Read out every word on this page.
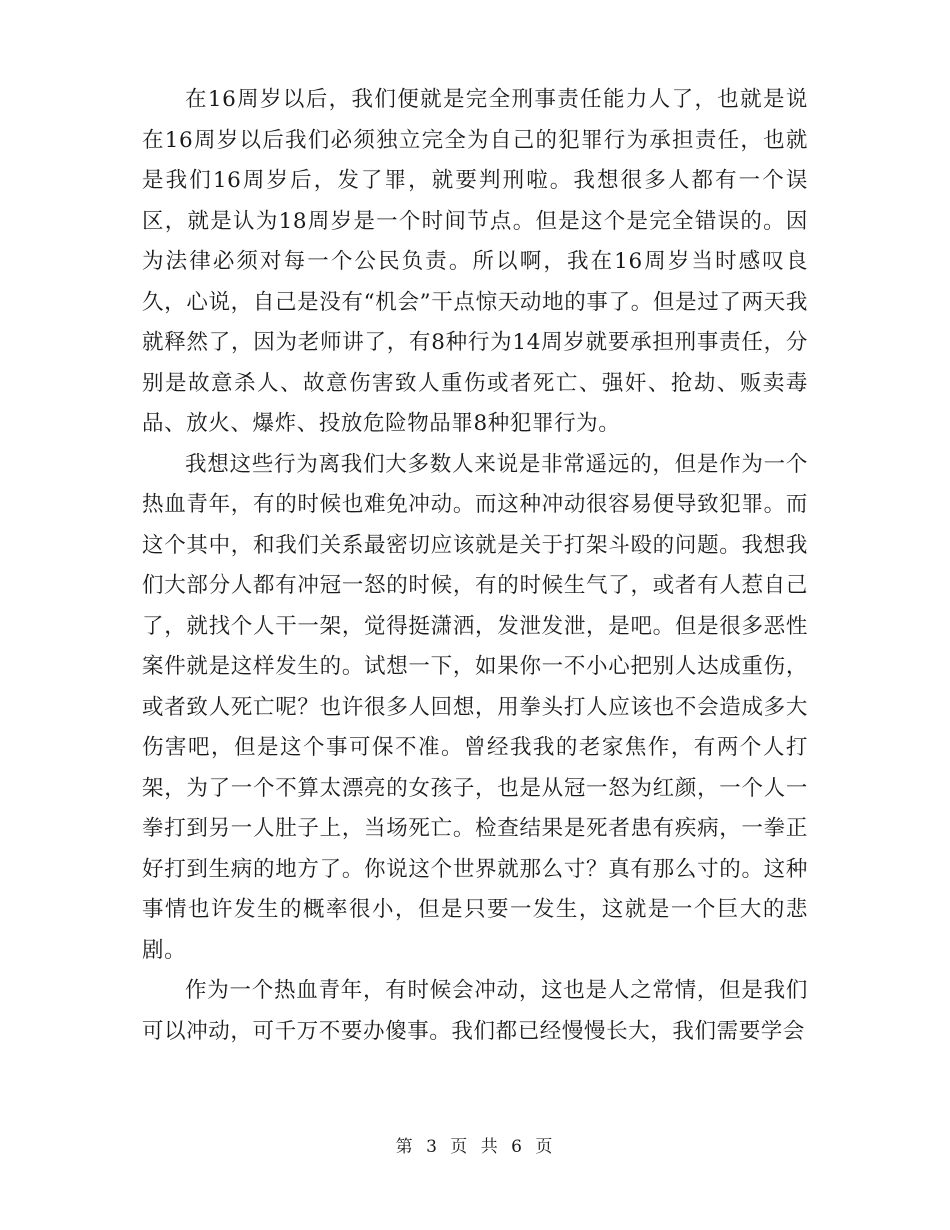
在16周岁以后，我们便就是完全刑事责任能力人了，也就是说在16周岁以后我们必须独立完全为自己的犯罪行为承担责任，也就是我们16周岁后，发了罪，就要判刑啦。我想很多人都有一个误区，就是认为18周岁是一个时间节点。但是这个是完全错误的。因为法律必须对每一个公民负责。所以啊，我在16周岁当时感叹良久，心说，自己是没有“机会”干点惊天动地的事了。但是过了两天我就释然了，因为老师讲了，有8种行为14周岁就要承担刑事责任，分别是故意杀人、故意伤害致人重伤或者死亡、强奸、抢劫、贩卖毒品、放火、爆炸、投放危险物品罪8种犯罪行为。

我想这些行为离我们大多数人来说是非常遥远的，但是作为一个热血青年，有的时候也难免冲动。而这种冲动很容易便导致犯罪。而这个其中，和我们关系最密切应该就是关于打架斗殴的问题。我想我们大部分人都有冲冠一怒的时候，有的时候生气了，或者有人惹自己了，就找个人干一架，觉得挺潇洒，发泄发泄，是吧。但是很多恶性案件就是这样发生的。试想一下，如果你一不小心把别人达成重伤，或者致人死亡呢？也许很多人回想，用拳头打人应该也不会造成多大伤害吧，但是这个事可保不准。曾经我我的老家焦作，有两个人打架，为了一个不算太漂亮的女孩子，也是从冠一怒为红颜，一个人一拳打到另一人肚子上，当场死亡。检查结果是死者患有疾病，一拳正好打到生病的地方了。你说这个世界就那么寸？真有那么寸的。这种事情也许发生的概率很小，但是只要一发生，这就是一个巨大的悲剧。

作为一个热血青年，有时候会冲动，这也是人之常情，但是我们可以冲动，可千万不要办傻事。我们都已经慢慢长大，我们需要学会

第 3 页 共 6 页
